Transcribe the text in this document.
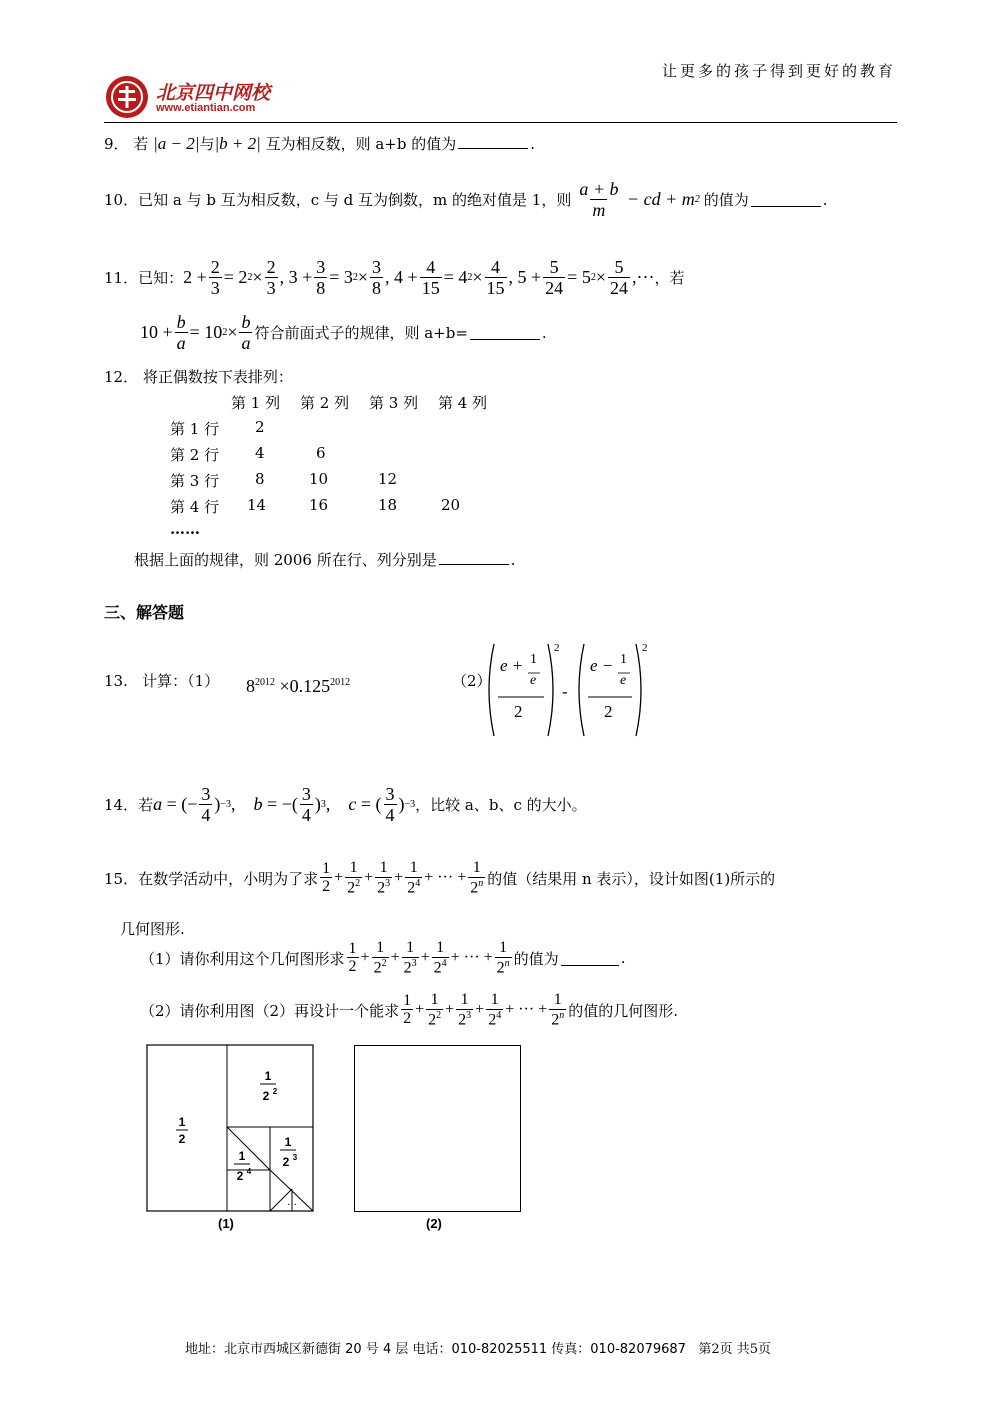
让更多的孩子得到更好的教育
北京四中网校
www.etiantian.com
9． 若 |a − 2|与|b + 2| 互为相反数，则 a+b 的值为	.
10． 已知 a 与 b 互为相反数，c 与 d 互为倒数，m 的绝对值是 1，则 $\frac{a + b}{m}$ − cd + m 2 的值为	.
11． 已知： $2 + \frac{2}{3} = 2$ $2 \times \frac{2}{3}$ , $3 + \frac{3}{8} = 3$ $2 \times \frac{3}{8}$ , $4 + \frac{4}{15} = 4$ $2 \times \frac{4}{15}$ , $5 + \frac{5}{24} = 5$ $2 \times \frac{5}{24}$ ,··· ，若
$10 + \frac{b}{a} = 10$ $2 \times \frac{b}{a}$ 符合前面式子的规律，则 a+b=	.
12． 将正偶数按下表排列：
第 1 列	第 2 列	第 3 列	第 4 列
第 1 行 2
第 2 行 4	6
第 3 行 8	10	12
第 4 行 14	16	18	20
……
根据上面的规律，则 2006 所在行、列分别是	.
三、解答题
13. 计算：（1） $8^{2012} \times 0.125^{2012}$	（2）
e + 1
e
2
2
-
e − 1
e
2
2
14． 若 a = (− $\frac{3}{4}$ ) −3 , b = −( $\frac{3}{4}$ ) 3 , c = ( $\frac{3}{4}$ ) −3 ，比较 a、b、c 的大小。
15． 在数学活动中，小明为了求 $\frac{1}{2} + \frac{1}{2^2} + \frac{1}{2^3} + \frac{1}{2^4}$ + ··· + $\frac{1}{2^n}$ 的值（结果用 n 表示），设计如图(1)所示的
几何图形.
（1）请你利用这个几何图形求 $\frac{1}{2} + \frac{1}{2^2} + \frac{1}{2^3} + \frac{1}{2^4}$ + ··· + $\frac{1}{2^n}$ 的值为	.
（2）请你利用图（2）再设计一个能求 $\frac{1}{2} + \frac{1}{2^2} + \frac{1}{2^3} + \frac{1}{2^4}$ + ··· + $\frac{1}{2^n}$ 的值的几何图形.
1
2
1
2 2
1
2 3
1
2 4
···
(1)	(2)
地址：北京市西城区新德街 20 号 4 层 电话：010-82025511 传真：010-82079687 第2页 共5页
